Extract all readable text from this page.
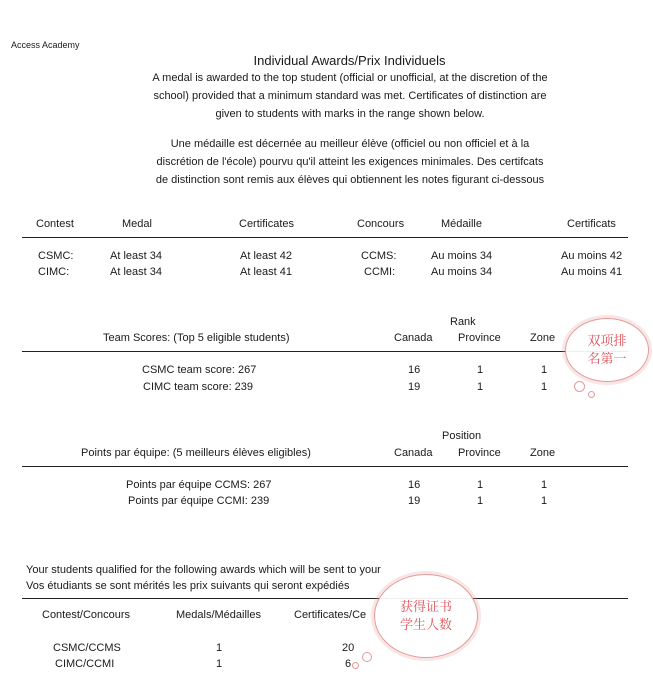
Access Academy
Individual Awards/Prix Individuels
A medal is awarded to the top student (official or unofficial, at the discretion of the
school) provided that a minimum standard was met. Certificates of distinction are
given to students with marks in the range shown below.
Une médaille est décernée au meilleur élève (officiel ou non officiel et à la
discrétion de l'école) pourvu qu'il atteint les exigences minimales. Des certifcats
de distinction sont remis aux élèves qui obtiennent les notes figurant ci-dessous
Contest	Medal	Certificates	Concours	Médaille	Certificats
CSMC:	At least 34	At least 42	CCMS:	Au moins 34	Au moins 42
CIMC:	At least 34	At least 41	CCMI:	Au moins 34	Au moins 41
Rank
Team Scores: (Top 5 eligible students)	Canada Province	Zone
CSMC team score: 267	16	1	1
CIMC team score: 239	19	1	1
Position
Points par équipe: (5 meilleurs élèves eligibles)	Canada Province	Zone
Points par équipe CCMS: 267	16	1	1
Points par équipe CCMI: 239	19	1	1
Your students qualified for the following awards which will be sent to your
Vos étudiants se sont mérités les prix suivants qui seront expédiés
Contest/Concours	Medals/Médailles	Certificates/Ce
CSMC/CCMS	1	20
CIMC/CCMI	1	6
双项排
名第一
获得证书
学生人数
